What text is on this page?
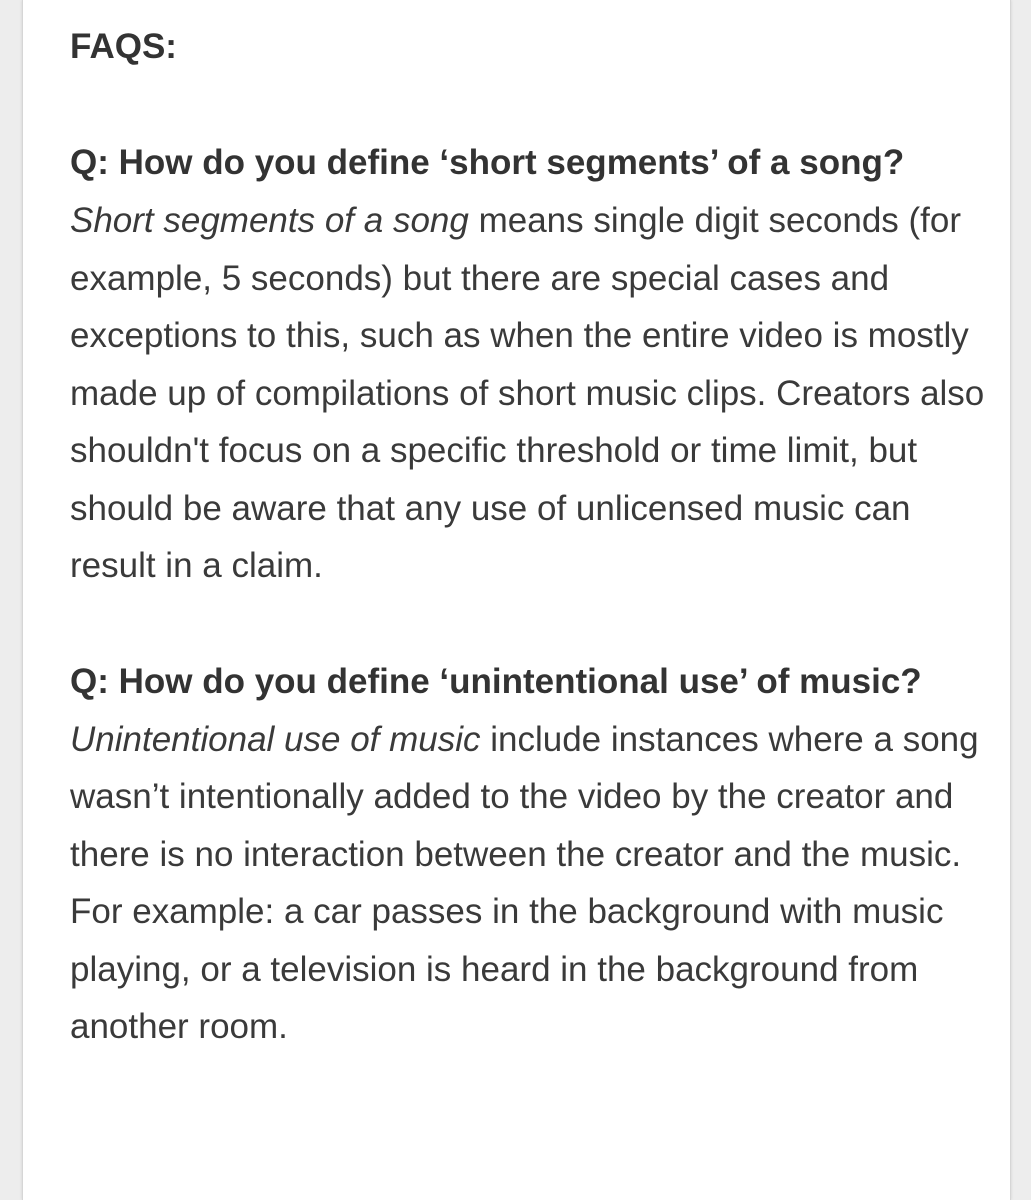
FAQS:

Q: How do you define ‘short segments’ of a song?

Short segments of a song means single digit seconds (for example, 5 seconds) but there are special cases and exceptions to this, such as when the entire video is mostly made up of compilations of short music clips. Creators also shouldn't focus on a specific threshold or time limit, but should be aware that any use of unlicensed music can result in a claim.

Q: How do you define ‘unintentional use’ of music?

Unintentional use of music include instances where a song wasn’t intentionally added to the video by the creator and there is no interaction between the creator and the music. For example: a car passes in the background with music playing, or a television is heard in the background from another room.
